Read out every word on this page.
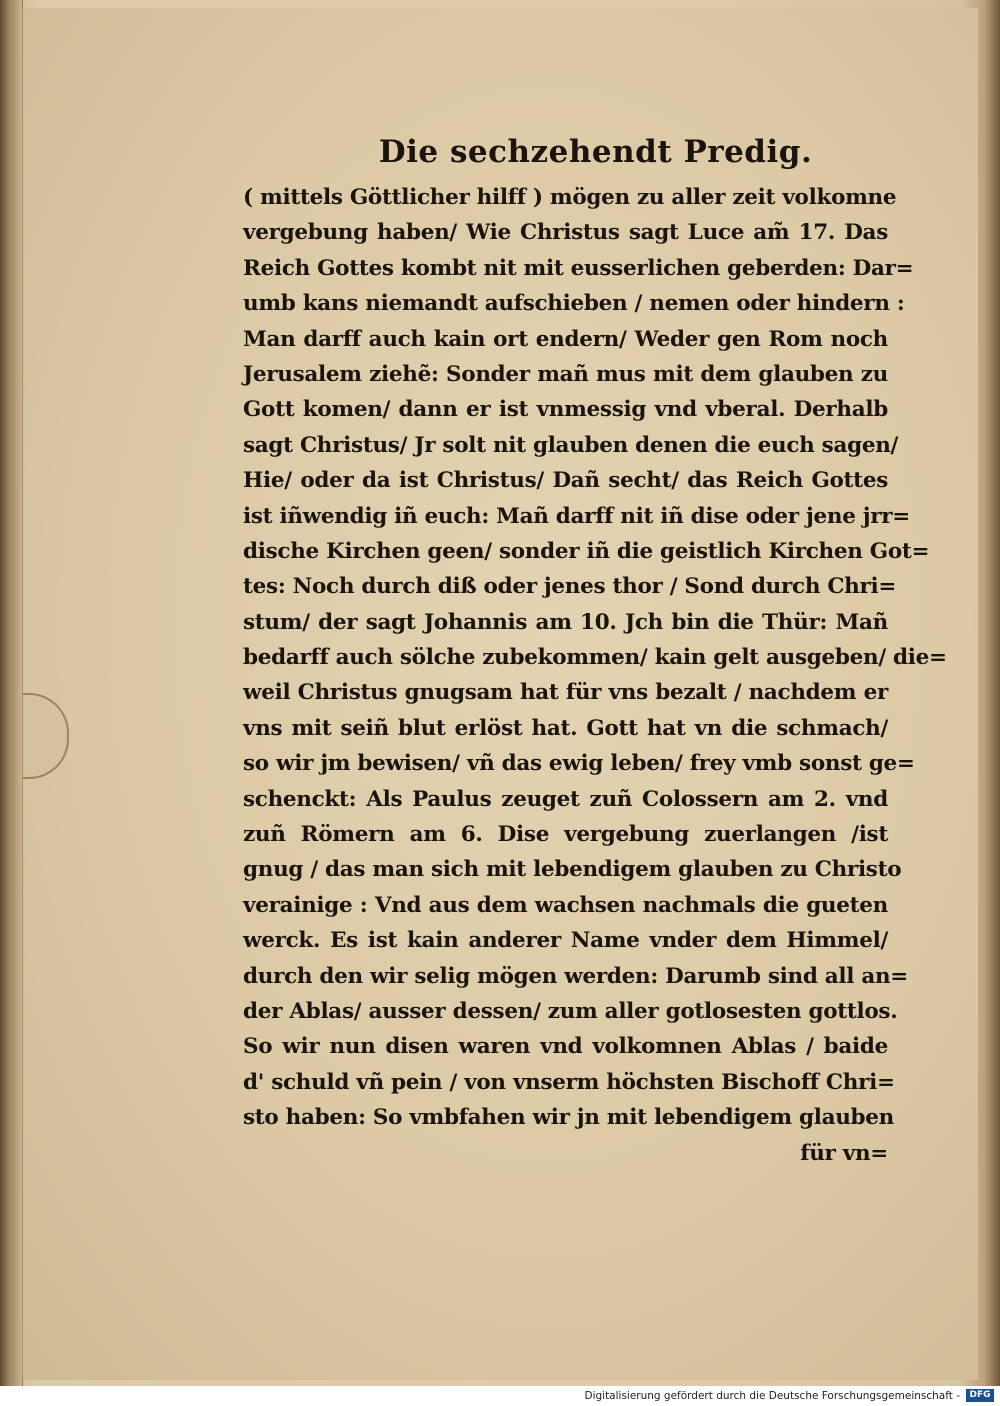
Die sechzehendt Predig.
( mittels Göttlicher hilff ) mögen zu aller zeit volkomne
vergebung haben/ Wie Christus sagt Luce am̃ 17. Das
Reich Gottes kombt nit mit eusserlichen geberden: Dar=
umb kans niemandt aufschieben / nemen oder hindern :
Man darff auch kain ort endern/ Weder gen Rom noch
Jerusalem ziehẽ: Sonder mañ mus mit dem glauben zu
Gott komen/ dann er ist vnmessig vnd vberal. Derhalb
sagt Christus/ Jr solt nit glauben denen die euch sagen/
Hie/ oder da ist Christus/ Dañ secht/ das Reich Gottes
ist iñwendig iñ euch: Mañ darff nit iñ dise oder jene jrr=
dische Kirchen geen/ sonder iñ die geistlich Kirchen Got=
tes: Noch durch diß oder jenes thor / Sond durch Chri=
stum/ der sagt Johannis am 10. Jch bin die Thür: Mañ
bedarff auch sölche zubekommen/ kain gelt ausgeben/ die=
weil Christus gnugsam hat für vns bezalt / nachdem er
vns mit seiñ blut erlöst hat. Gott hat vn die schmach/
so wir jm bewisen/ vñ das ewig leben/ frey vmb sonst ge=
schenckt: Als Paulus zeuget zuñ Colossern am 2. vnd
zuñ Römern am 6. Dise vergebung zuerlangen /ist
gnug / das man sich mit lebendigem glauben zu Christo
verainige : Vnd aus dem wachsen nachmals die gueten
werck. Es ist kain anderer Name vnder dem Himmel/
durch den wir selig mögen werden: Darumb sind all an=
der Ablas/ ausser dessen/ zum aller gotlosesten gottlos.
So wir nun disen waren vnd volkomnen Ablas / baide
d' schuld vñ pein / von vnserm höchsten Bischoff Chri=
sto haben: So vmbfahen wir jn mit lebendigem glauben
für vn=
Digitalisierung gefördert durch die Deutsche Forschungsgemeinschaft -	DFG
